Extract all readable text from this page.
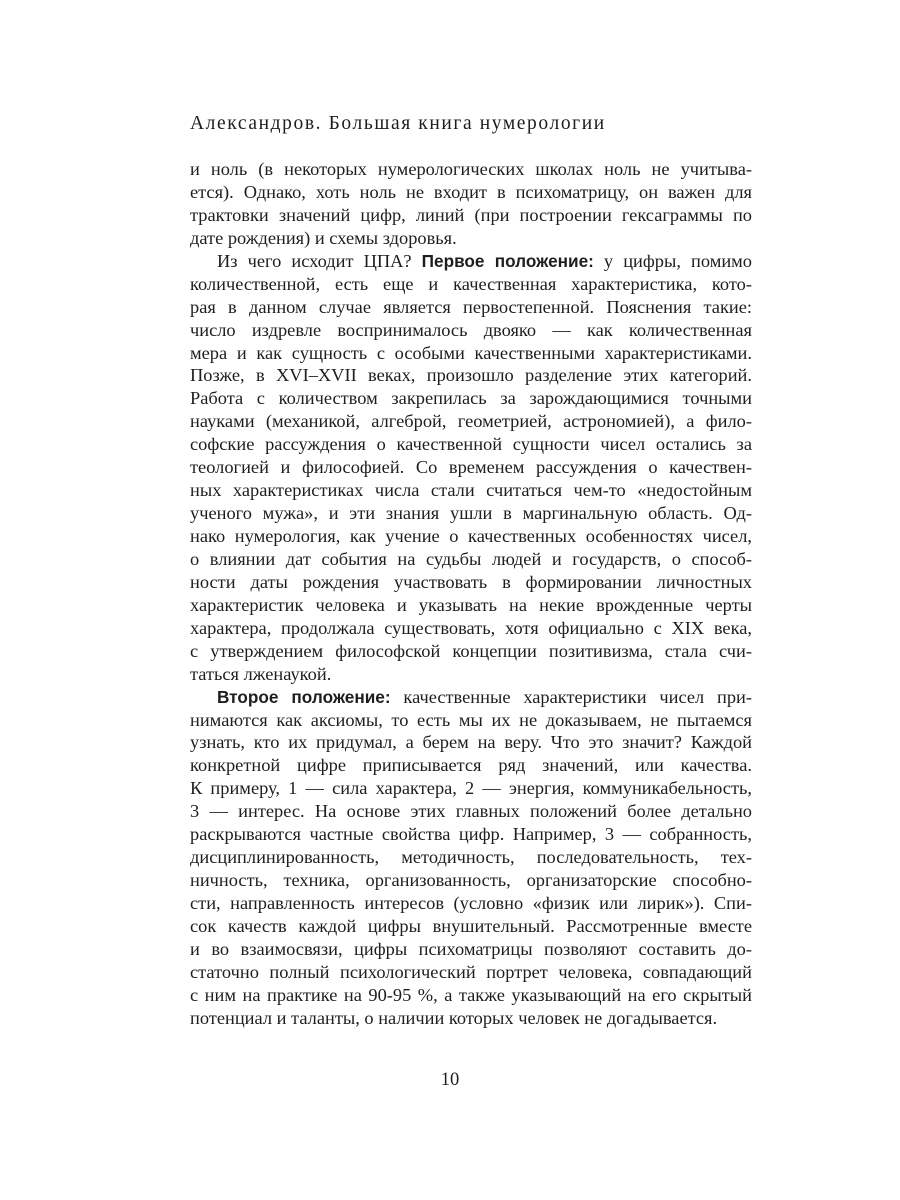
Александров. Большая книга нумерологии
и ноль (в некоторых нумерологических школах ноль не учитыва-
ется). Однако, хоть ноль не входит в психоматрицу, он важен для
трактовки значений цифр, линий (при построении гексаграммы по
дате рождения) и схемы здоровья.
Из чего исходит ЦПА? Первое положение: у цифры, помимо
количественной, есть еще и качественная характеристика, кото-
рая в данном случае является первостепенной. Пояснения такие:
число издревле воспринималось двояко — как количественная
мера и как сущность с особыми качественными характеристиками.
Позже, в XVI–XVII веках, произошло разделение этих категорий.
Работа с количеством закрепилась за зарождающимися точными
науками (механикой, алгеброй, геометрией, астрономией), а фило-
софские рассуждения о качественной сущности чисел остались за
теологией и философией. Со временем рассуждения о качествен-
ных характеристиках числа стали считаться чем-то «недостойным
ученого мужа», и эти знания ушли в маргинальную область. Од-
нако нумерология, как учение о качественных особенностях чисел,
о влиянии дат события на судьбы людей и государств, о способ-
ности даты рождения участвовать в формировании личностных
характеристик человека и указывать на некие врожденные черты
характера, продолжала существовать, хотя официально с XIX века,
с утверждением философской концепции позитивизма, стала счи-
таться лженаукой.
Второе положение: качественные характеристики чисел при-
нимаются как аксиомы, то есть мы их не доказываем, не пытаемся
узнать, кто их придумал, а берем на веру. Что это значит? Каждой
конкретной цифре приписывается ряд значений, или качества.
К примеру, 1 — сила характера, 2 — энергия, коммуникабельность,
3 — интерес. На основе этих главных положений более детально
раскрываются частные свойства цифр. Например, 3 — собранность,
дисциплинированность, методичность, последовательность, тех-
ничность, техника, организованность, организаторские способно-
сти, направленность интересов (условно «физик или лирик»). Спи-
сок качеств каждой цифры внушительный. Рассмотренные вместе
и во взаимосвязи, цифры психоматрицы позволяют составить до-
статочно полный психологический портрет человека, совпадающий
с ним на практике на 90-95 %, а также указывающий на его скрытый
потенциал и таланты, о наличии которых человек не догадывается.
10
